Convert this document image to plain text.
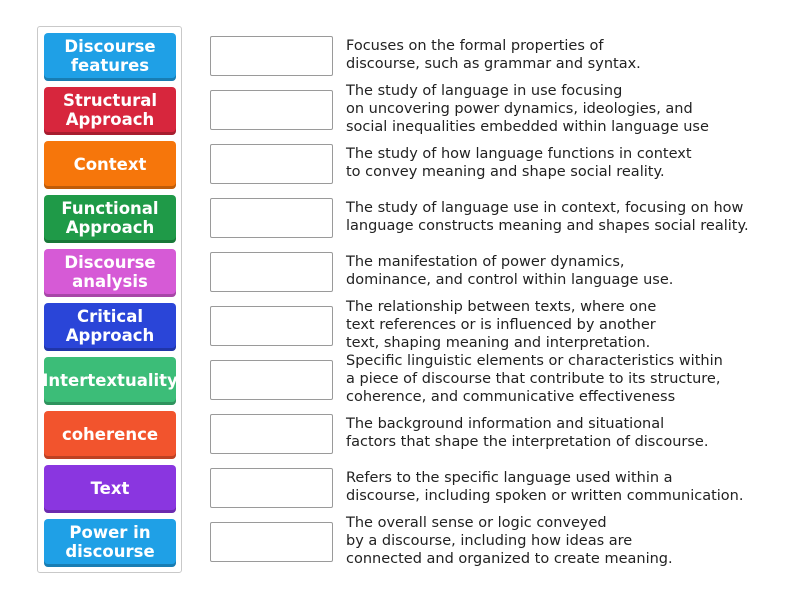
Discourse
features
Structural
Approach
Context
Functional
Approach
Discourse
analysis
Critical
Approach
Intertextuality
coherence
Text
Power in
discourse
Focuses on the formal properties of
discourse, such as grammar and syntax.
The study of language in use focusing
on uncovering power dynamics, ideologies, and
social inequalities embedded within language use
The study of how language functions in context
to convey meaning and shape social reality.
The study of language use in context, focusing on how
language constructs meaning and shapes social reality.
The manifestation of power dynamics,
dominance, and control within language use.
The relationship between texts, where one
text references or is influenced by another
text, shaping meaning and interpretation.
Specific linguistic elements or characteristics within
a piece of discourse that contribute to its structure,
coherence, and communicative effectiveness
The background information and situational
factors that shape the interpretation of discourse.
Refers to the specific language used within a
discourse, including spoken or written communication.
The overall sense or logic conveyed
by a discourse, including how ideas are
connected and organized to create meaning.
